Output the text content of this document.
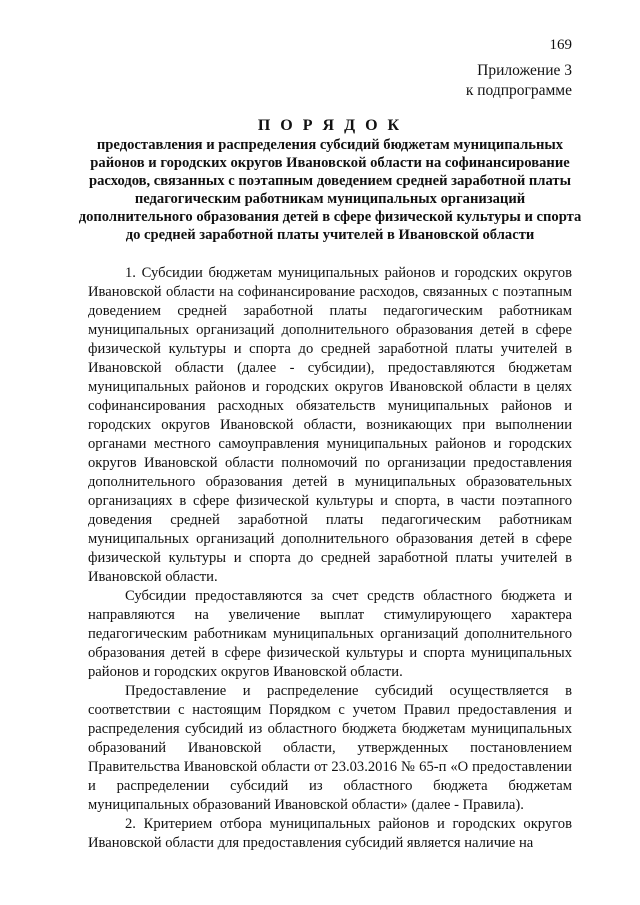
169
Приложение 3
к подпрограмме
П О Р Я Д О К
предоставления и распределения субсидий бюджетам муниципальных районов и городских округов Ивановской области на софинансирование расходов, связанных с поэтапным доведением средней заработной платы педагогическим работникам муниципальных организаций дополнительного образования детей в сфере физической культуры и спорта до средней заработной платы учителей в Ивановской области

1. Субсидии бюджетам муниципальных районов и городских округов Ивановской области на софинансирование расходов, связанных с поэтапным доведением средней заработной платы педагогическим работникам муниципальных организаций дополнительного образования детей в сфере физической культуры и спорта до средней заработной платы учителей в Ивановской области (далее - субсидии), предоставляются бюджетам муниципальных районов и городских округов Ивановской области в целях софинансирования расходных обязательств муниципальных районов и городских округов Ивановской области, возникающих при выполнении органами местного самоуправления муниципальных районов и городских округов Ивановской области полномочий по организации предоставления дополнительного образования детей в муниципальных образовательных организациях в сфере физической культуры и спорта, в части поэтапного доведения средней заработной платы педагогическим работникам муниципальных организаций дополнительного образования детей в сфере физической культуры и спорта до средней заработной платы учителей в Ивановской области.

Субсидии предоставляются за счет средств областного бюджета и направляются на увеличение выплат стимулирующего характера педагогическим работникам муниципальных организаций дополнительного образования детей в сфере физической культуры и спорта муниципальных районов и городских округов Ивановской области.

Предоставление и распределение субсидий осуществляется в соответствии с настоящим Порядком с учетом Правил предоставления и распределения субсидий из областного бюджета бюджетам муниципальных образований Ивановской области, утвержденных постановлением Правительства Ивановской области от 23.03.2016 № 65-п «О предоставлении и распределении субсидий из областного бюджета бюджетам муниципальных образований Ивановской области» (далее - Правила).

2. Критерием отбора муниципальных районов и городских округов Ивановской области для предоставления субсидий является наличие на
